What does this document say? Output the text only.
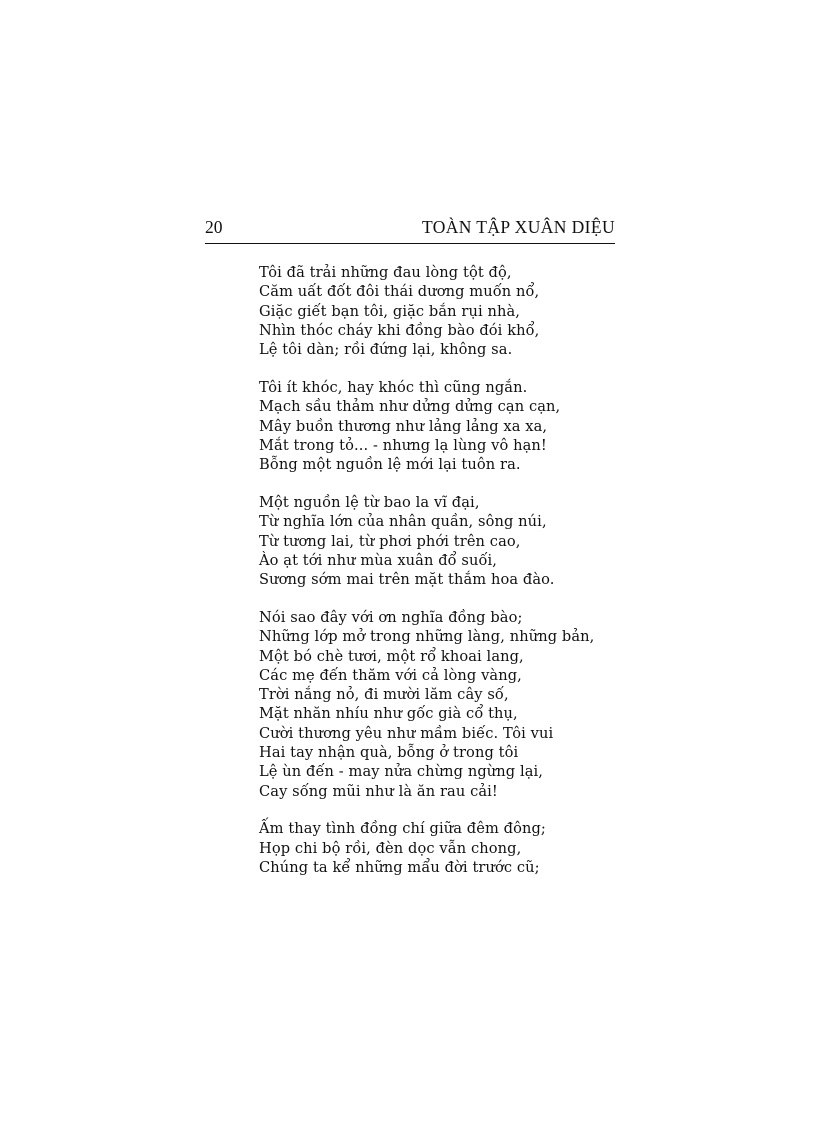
20	TOÀN TẬP XUÂN DIỆU
Tôi đã trải những đau lòng tột độ,
Căm uất đốt đôi thái dương muốn nổ,
Giặc giết bạn tôi, giặc bắn rụi nhà,
Nhìn thóc cháy khi đồng bào đói khổ,
Lệ tôi dàn; rồi đứng lại, không sa.
Tôi ít khóc, hay khóc thì cũng ngắn.
Mạch sầu thảm như dửng dửng cạn cạn,
Mây buồn thương như lảng lảng xa xa,
Mắt trong tỏ... - nhưng lạ lùng vô hạn!
Bỗng một nguồn lệ mới lại tuôn ra.
Một nguồn lệ từ bao la vĩ đại,
Từ nghĩa lớn của nhân quần, sông núi,
Từ tương lai, từ phơi phới trên cao,
Ào ạt tới như mùa xuân đổ suối,
Sương sớm mai trên mặt thắm hoa đào.
Nói sao đây với ơn nghĩa đồng bào;
Những lớp mở trong những làng, những bản,
Một bó chè tươi, một rổ khoai lang,
Các mẹ đến thăm với cả lòng vàng,
Trời nắng nỏ, đi mười lăm cây số,
Mặt nhăn nhíu như gốc già cổ thụ,
Cười thương yêu như mầm biếc. Tôi vui
Hai tay nhận quà, bỗng ở trong tôi
Lệ ùn đến - may nửa chừng ngừng lại,
Cay sống mũi như là ăn rau cải!
Ấm thay tình đồng chí giữa đêm đông;
Họp chi bộ rồi, đèn dọc vẫn chong,
Chúng ta kể những mẩu đời trước cũ;
